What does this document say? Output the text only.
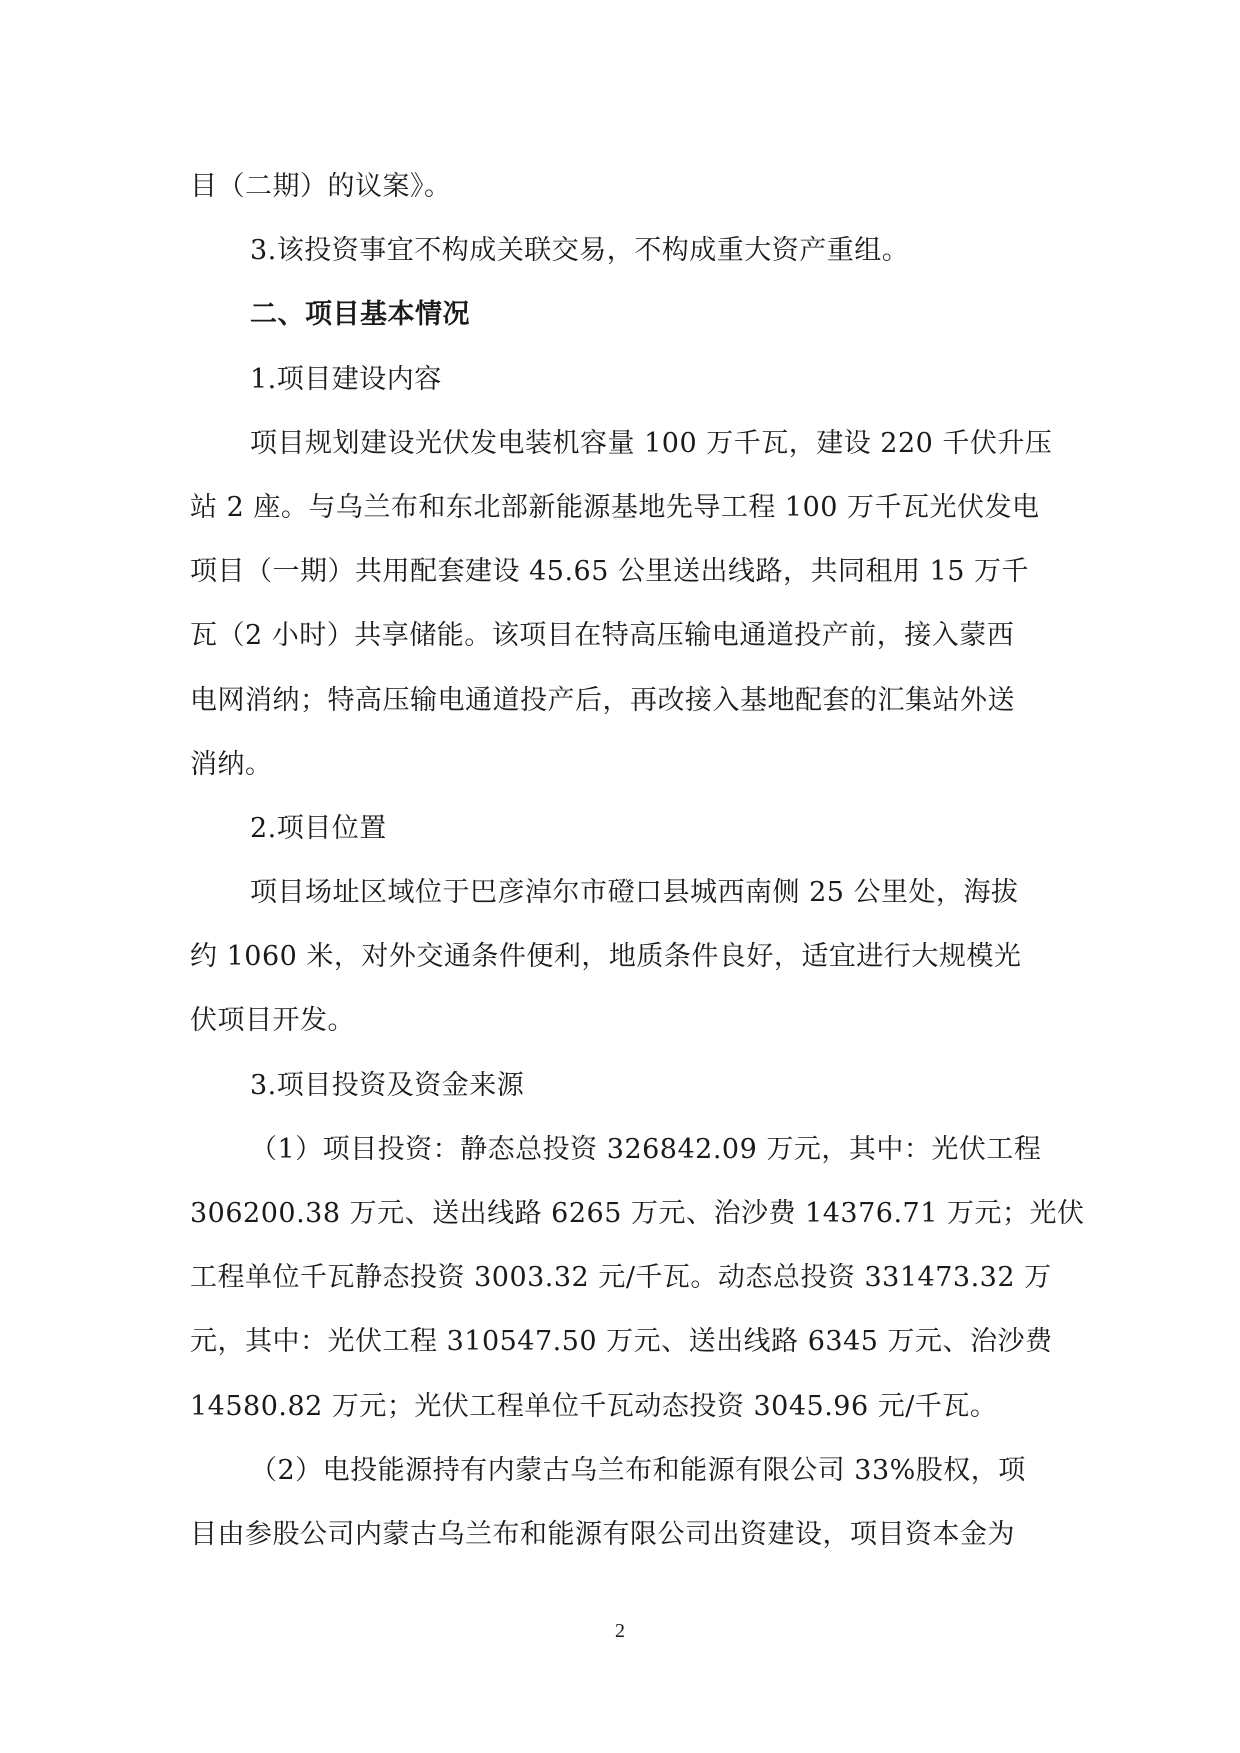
目（二期）的议案》。
3.该投资事宜不构成关联交易，不构成重大资产重组。
二、项目基本情况
1.项目建设内容
项目规划建设光伏发电装机容量 100 万千瓦，建设 220 千伏升压
站 2 座。与乌兰布和东北部新能源基地先导工程 100 万千瓦光伏发电
项目（一期）共用配套建设 45.65 公里送出线路，共同租用 15 万千
瓦（2 小时）共享储能。该项目在特高压输电通道投产前，接入蒙西
电网消纳；特高压输电通道投产后，再改接入基地配套的汇集站外送
消纳。
2.项目位置
项目场址区域位于巴彦淖尔市磴口县城西南侧 25 公里处，海拔
约 1060 米，对外交通条件便利，地质条件良好，适宜进行大规模光
伏项目开发。
3.项目投资及资金来源
（1）项目投资：静态总投资 326842.09 万元，其中：光伏工程
306200.38 万元、送出线路 6265 万元、治沙费 14376.71 万元；光伏
工程单位千瓦静态投资 3003.32 元/千瓦。动态总投资 331473.32 万
元，其中：光伏工程 310547.50 万元、送出线路 6345 万元、治沙费
14580.82 万元；光伏工程单位千瓦动态投资 3045.96 元/千瓦。
（2）电投能源持有内蒙古乌兰布和能源有限公司 33%股权，项
目由参股公司内蒙古乌兰布和能源有限公司出资建设，项目资本金为
2
